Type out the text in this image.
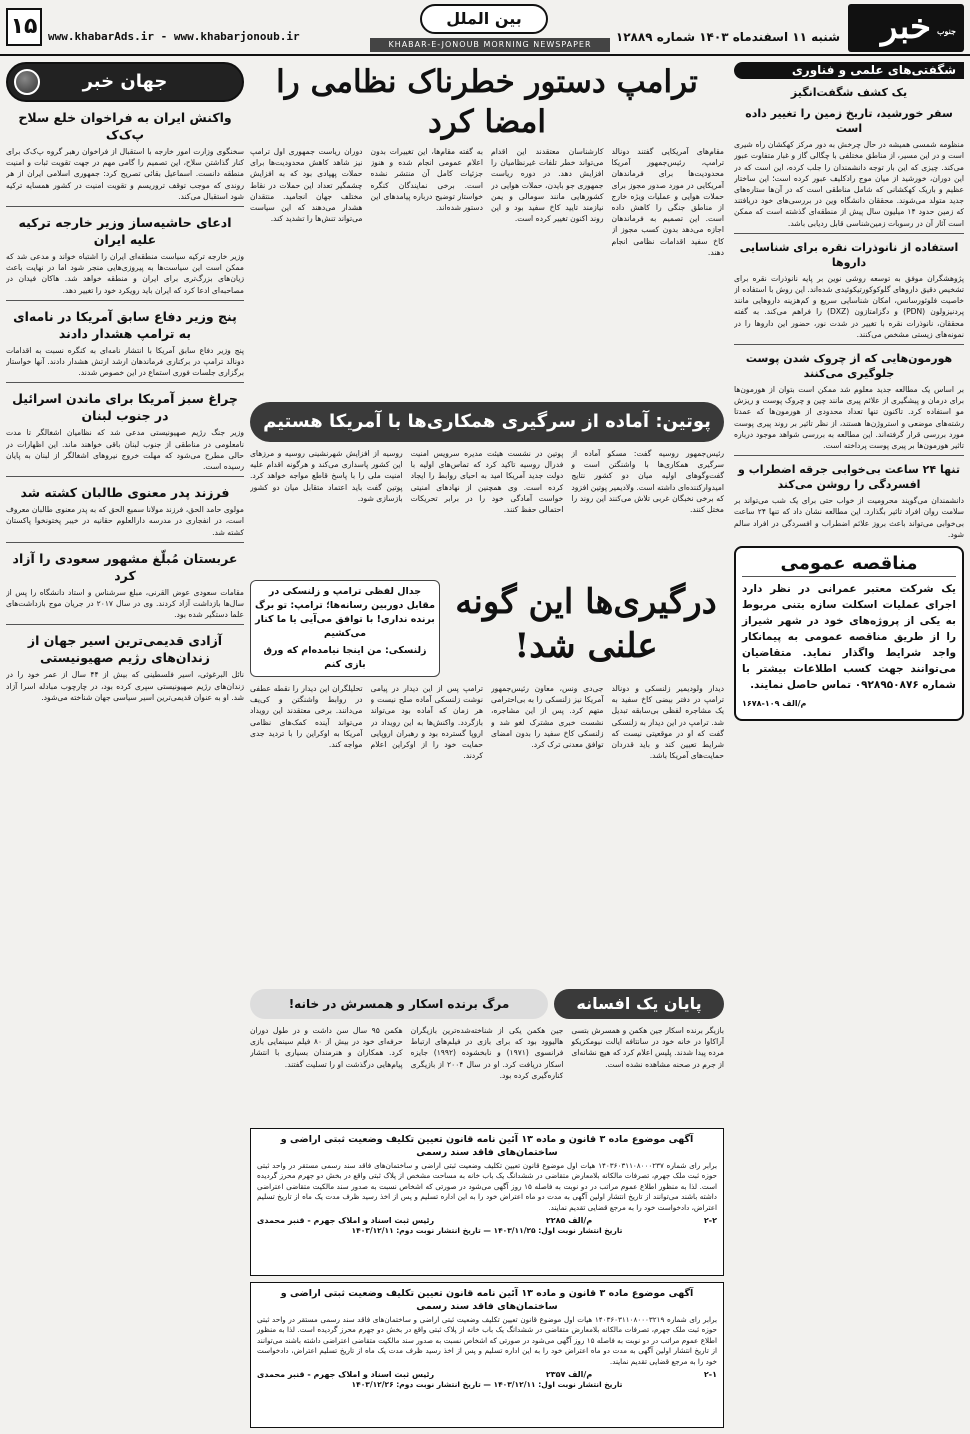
خبر جنوب
شنبه ۱۱ اسفندماه ۱۴۰۳ شماره ۱۲۸۸۹
بین الملل
KHABAR-E-JONOUB MORNING NEWSPAPER
www.khabarAds.ir - www.khabarjonoub.ir
۱۵
شگفتی‌های علمی و فناوری
یک کشف شگفت‌انگیز
سفر خورشید، تاریخ زمین را تغییر داده است

منظومه شمسی همیشه در حال چرخش به دور مرکز کهکشان راه شیری است و در این مسیر، از مناطق مختلفی با چگالی گاز و غبار متفاوت عبور می‌کند. چیزی که این بار توجه دانشمندان را جلب کرده، این است که در این دوران، خورشید از میان موج رادکلیف عبور کرده است؛ این ساختار عظیم و باریک کهکشانی که شامل مناطقی است که در آن‌ها ستاره‌های جدید متولد می‌شوند. محققان دانشگاه وین در بررسی‌های خود دریافتند که زمین حدود ۱۴ میلیون سال پیش از منطقه‌ای گذشته است که ممکن است آثار آن در رسوبات زمین‌شناسی قابل ردیابی باشد.

استفاده از نانوذرات نقره برای شناسایی داروها

پژوهشگران موفق به توسعه روشی نوین بر پایه نانوذرات نقره برای تشخیص دقیق داروهای گلوکوکورتیکوئیدی شده‌اند. این روش با استفاده از خاصیت فلوئورسانس، امکان شناسایی سریع و کم‌هزینه داروهایی مانند پردنیزولون (PDN) و دگزامتازون (DXZ) را فراهم می‌کند. به گفته محققان، نانوذرات نقره با تغییر در شدت نور، حضور این داروها را در نمونه‌های زیستی مشخص می‌کنند.

هورمون‌هایی که از چروک شدن پوست جلوگیری می‌کنند

بر اساس یک مطالعه جدید معلوم شد ممکن است بتوان از هورمون‌ها برای درمان و پیشگیری از علائم پیری مانند چین و چروک پوست و ریزش مو استفاده کرد. تاکنون تنها تعداد محدودی از هورمون‌ها که عمدتا رشته‌های موضعی و استروژن‌ها هستند، از نظر تاثیر بر روند پیری پوست مورد بررسی قرار گرفته‌اند. این مطالعه به بررسی شواهد موجود درباره تاثیر هورمون‌ها بر پیری پوست پرداخته است.

تنها ۲۴ ساعت بی‌خوابی جرقه اضطراب و افسردگی را روشن می‌کند

دانشمندان می‌گویند محرومیت از خواب حتی برای یک شب می‌تواند بر سلامت روان افراد تاثیر بگذارد. این مطالعه نشان داد که تنها ۲۴ ساعت بی‌خوابی می‌تواند باعث بروز علائم اضطراب و افسردگی در افراد سالم شود.

مناقصه عمومی

یک شرکت معتبر عمرانی در نظر دارد اجرای عملیات اسکلت سازه بتنی مربوط به یکی از پروژه‌های خود در شهر شیراز را از طریق مناقصه عمومی به پیمانکار واجد شرایط واگذار نماید. متقاضیان می‌توانند جهت کسب اطلاعات بیشتر با شماره ۰۹۲۸۹۵۰۸۷۶ تماس حاصل نمایند.

م/الف ۱۰۹-۱۶۷۸

جهان خبر
واکنش ایران به فراخوان خلع سلاح پ‌ک‌ک

سخنگوی وزارت امور خارجه با استقبال از فراخوان رهبر گروه پ‌ک‌ک برای کنار گذاشتن سلاح، این تصمیم را گامی مهم در جهت تقویت ثبات و امنیت منطقه دانست. اسماعیل بقائی تصریح کرد: جمهوری اسلامی ایران از هر روندی که موجب توقف تروریسم و تقویت امنیت در کشور همسایه ترکیه شود استقبال می‌کند.

ادعای حاشیه‌ساز وزیر خارجه ترکیه علیه ایران

وزیر خارجه ترکیه سیاست منطقه‌ای ایران را اشتباه خواند و مدعی شد که ممکن است این سیاست‌ها به پیروزی‌هایی منجر شود اما در نهایت باعث زیان‌های بزرگ‌تری برای ایران و منطقه خواهد شد. هاکان فیدان در مصاحبه‌ای ادعا کرد که ایران باید رویکرد خود را تغییر دهد.

پنج وزیر دفاع سابق آمریکا در نامه‌ای به ترامپ هشدار دادند

پنج وزیر دفاع سابق آمریکا با انتشار نامه‌ای به کنگره نسبت به اقدامات دونالد ترامپ در برکناری فرماندهان ارشد ارتش هشدار دادند. آنها خواستار برگزاری جلسات فوری استماع در این خصوص شدند.

چراغ سبز آمریکا برای ماندن اسرائیل در جنوب لبنان

وزیر جنگ رژیم صهیونیستی مدعی شد که نظامیان اشغالگر تا مدت نامعلومی در مناطقی از جنوب لبنان باقی خواهند ماند. این اظهارات در حالی مطرح می‌شود که مهلت خروج نیروهای اشغالگر از لبنان به پایان رسیده است.

فرزند پدر معنوی طالبان کشته شد

مولوی حامد الحق، فرزند مولانا سمیع الحق که به پدر معنوی طالبان معروف است، در انفجاری در مدرسه دارالعلوم حقانیه در خیبر پختونخوا پاکستان کشته شد.

عربستان مُبلّغ مشهور سعودی را آزاد کرد

مقامات سعودی عوض القرنی، مبلغ سرشناس و استاد دانشگاه را پس از سال‌ها بازداشت آزاد کردند. وی در سال ۲۰۱۷ در جریان موج بازداشت‌های علما دستگیر شده بود.

آزادی قدیمی‌ترین اسیر جهان از زندان‌های رژیم صهیونیستی

نائل البرغوثی، اسیر فلسطینی که بیش از ۴۴ سال از عمر خود را در زندان‌های رژیم صهیونیستی سپری کرده بود، در چارچوب مبادله اسرا آزاد شد. او به عنوان قدیمی‌ترین اسیر سیاسی جهان شناخته می‌شود.

ترامپ دستور خطرناک نظامی را امضا کرد
مقام‌های آمریکایی گفتند دونالد ترامپ، رئیس‌جمهور آمریکا محدودیت‌ها برای فرماندهان آمریکایی در مورد صدور مجوز برای حملات هوایی و عملیات ویژه خارج از مناطق جنگی را کاهش داده است. این تصمیم به فرماندهان اجازه می‌دهد بدون کسب مجوز از کاخ سفید اقدامات نظامی انجام دهند.
کارشناسان معتقدند این اقدام می‌تواند خطر تلفات غیرنظامیان را افزایش دهد. در دوره ریاست جمهوری جو بایدن، حملات هوایی در کشورهایی مانند سومالی و یمن نیازمند تایید کاخ سفید بود و این روند اکنون تغییر کرده است.
به گفته مقام‌ها، این تغییرات بدون اعلام عمومی انجام شده و هنوز جزئیات کامل آن منتشر نشده است. برخی نمایندگان کنگره خواستار توضیح درباره پیامدهای این دستور شده‌اند.
دوران ریاست جمهوری اول ترامپ نیز شاهد کاهش محدودیت‌ها برای حملات پهپادی بود که به افزایش چشمگیر تعداد این حملات در نقاط مختلف جهان انجامید. منتقدان هشدار می‌دهند که این سیاست می‌تواند تنش‌ها را تشدید کند.
پوتین: آماده از سرگیری همکاری‌ها با آمریکا هستیم
رئیس‌جمهور روسیه گفت: مسکو آماده از سرگیری همکاری‌ها با واشنگتن است و گفت‌وگوهای اولیه میان دو کشور نتایج امیدوارکننده‌ای داشته است. ولادیمیر پوتین افزود که برخی نخبگان غربی تلاش می‌کنند این روند را مختل کنند.
پوتین در نشست هیئت مدیره سرویس امنیت فدرال روسیه تاکید کرد که تماس‌های اولیه با دولت جدید آمریکا امید به احیای روابط را ایجاد کرده است. وی همچنین از نهادهای امنیتی خواست آمادگی خود را در برابر تحریکات احتمالی حفظ کنند.
روسیه از افزایش شهرنشینی روسیه و مرزهای این کشور پاسداری می‌کند و هرگونه اقدام علیه امنیت ملی را با پاسخ قاطع مواجه خواهد کرد. پوتین گفت باید اعتماد متقابل میان دو کشور بازسازی شود.
درگیری‌ها این گونه علنی شد!
جدال لفظی ترامپ و زلنسکی در مقابل دوربین رسانه‌ها؛ ترامپ: تو برگ برنده نداری! با توافق می‌آیی یا ما کنار می‌کشیم
زلنسکی: من اینجا نیامده‌ام که ورق بازی کنم
دیدار ولودیمیر زلنسکی و دونالد ترامپ در دفتر بیضی کاخ سفید به یک مشاجره لفظی بی‌سابقه تبدیل شد. ترامپ در این دیدار به زلنسکی گفت که او در موقعیتی نیست که شرایط تعیین کند و باید قدردان حمایت‌های آمریکا باشد.
جی‌دی ونس، معاون رئیس‌جمهور آمریکا نیز زلنسکی را به بی‌احترامی متهم کرد. پس از این مشاجره، نشست خبری مشترک لغو شد و زلنسکی کاخ سفید را بدون امضای توافق معدنی ترک کرد.
ترامپ پس از این دیدار در پیامی نوشت زلنسکی آماده صلح نیست و هر زمان که آماده بود می‌تواند بازگردد. واکنش‌ها به این رویداد در اروپا گسترده بود و رهبران اروپایی حمایت خود را از اوکراین اعلام کردند.
تحلیلگران این دیدار را نقطه عطفی در روابط واشنگتن و کی‌یف می‌دانند. برخی معتقدند این رویداد می‌تواند آینده کمک‌های نظامی آمریکا به اوکراین را با تردید جدی مواجه کند.
پایان یک افسانه
مرگ برنده اسکار و همسرش در خانه!
بازیگر برنده اسکار جین هکمن و همسرش بتسی آراکاوا در خانه خود در سانتافه ایالت نیومکزیکو مرده پیدا شدند. پلیس اعلام کرد که هیچ نشانه‌ای از جرم در صحنه مشاهده نشده است.
جین هکمن یکی از شناخته‌شده‌ترین بازیگران هالیوود بود که برای بازی در فیلم‌های ارتباط فرانسوی (۱۹۷۱) و نابخشوده (۱۹۹۲) جایزه اسکار دریافت کرد. او در سال ۲۰۰۴ از بازیگری کناره‌گیری کرده بود.
هکمن ۹۵ سال سن داشت و در طول دوران حرفه‌ای خود در بیش از ۸۰ فیلم سینمایی بازی کرد. همکاران و هنرمندان بسیاری با انتشار پیام‌هایی درگذشت او را تسلیت گفتند.
آگهی موضوع ماده ۳ قانون و ماده ۱۳ آئین نامه قانون تعیین تکلیف وضعیت ثبتی اراضی و ساختمان‌های فاقد سند رسمی

برابر رای شماره ۱۴۰۳۶۰۳۱۱۰۸۰۰۰۲۳۷ هیات اول موضوع قانون تعیین تکلیف وضعیت ثبتی اراضی و ساختمان‌های فاقد سند رسمی مستقر در واحد ثبتی حوزه ثبت ملک جهرم، تصرفات مالکانه بلامعارض متقاضی در ششدانگ یک باب خانه به مساحت مشخص از پلاک ثبتی واقع در بخش دو جهرم محرز گردیده است. لذا به منظور اطلاع عموم مراتب در دو نوبت به فاصله ۱۵ روز آگهی می‌شود در صورتی که اشخاص نسبت به صدور سند مالکیت متقاضی اعتراضی داشته باشند می‌توانند از تاریخ انتشار اولین آگهی به مدت دو ماه اعتراض خود را به این اداره تسلیم و پس از اخذ رسید ظرف مدت یک ماه از تاریخ تسلیم اعتراض، دادخواست خود را به مرجع قضایی تقدیم نمایند.

۲-۲
م/الف ۲۲۸۵
رئیس ثبت اسناد و املاک جهرم - قنبر محمدی
تاریخ انتشار نوبت اول: ۱۴۰۳/۱۱/۲۵ — تاریخ انتشار نوبت دوم: ۱۴۰۳/۱۲/۱۱
آگهی موضوع ماده ۳ قانون و ماده ۱۳ آئین نامه قانون تعیین تکلیف وضعیت ثبتی اراضی و ساختمان‌های فاقد سند رسمی

برابر رای شماره ۱۴۰۳۶۰۳۱۱۰۸۰۰۰۳۲۱۹ هیات اول موضوع قانون تعیین تکلیف وضعیت ثبتی اراضی و ساختمان‌های فاقد سند رسمی مستقر در واحد ثبتی حوزه ثبت ملک جهرم، تصرفات مالکانه بلامعارض متقاضی در ششدانگ یک باب خانه از پلاک ثبتی واقع در بخش دو جهرم محرز گردیده است. لذا به منظور اطلاع عموم مراتب در دو نوبت به فاصله ۱۵ روز آگهی می‌شود در صورتی که اشخاص نسبت به صدور سند مالکیت متقاضی اعتراضی داشته باشند می‌توانند از تاریخ انتشار اولین آگهی به مدت دو ماه اعتراض خود را به این اداره تسلیم و پس از اخذ رسید ظرف مدت یک ماه از تاریخ تسلیم اعتراض، دادخواست خود را به مرجع قضایی تقدیم نمایند.

۲-۱
م/الف ۲۳۵۷
رئیس ثبت اسناد و املاک جهرم - قنبر محمدی
تاریخ انتشار نوبت اول: ۱۴۰۳/۱۲/۱۱ — تاریخ انتشار نوبت دوم: ۱۴۰۳/۱۲/۲۶
